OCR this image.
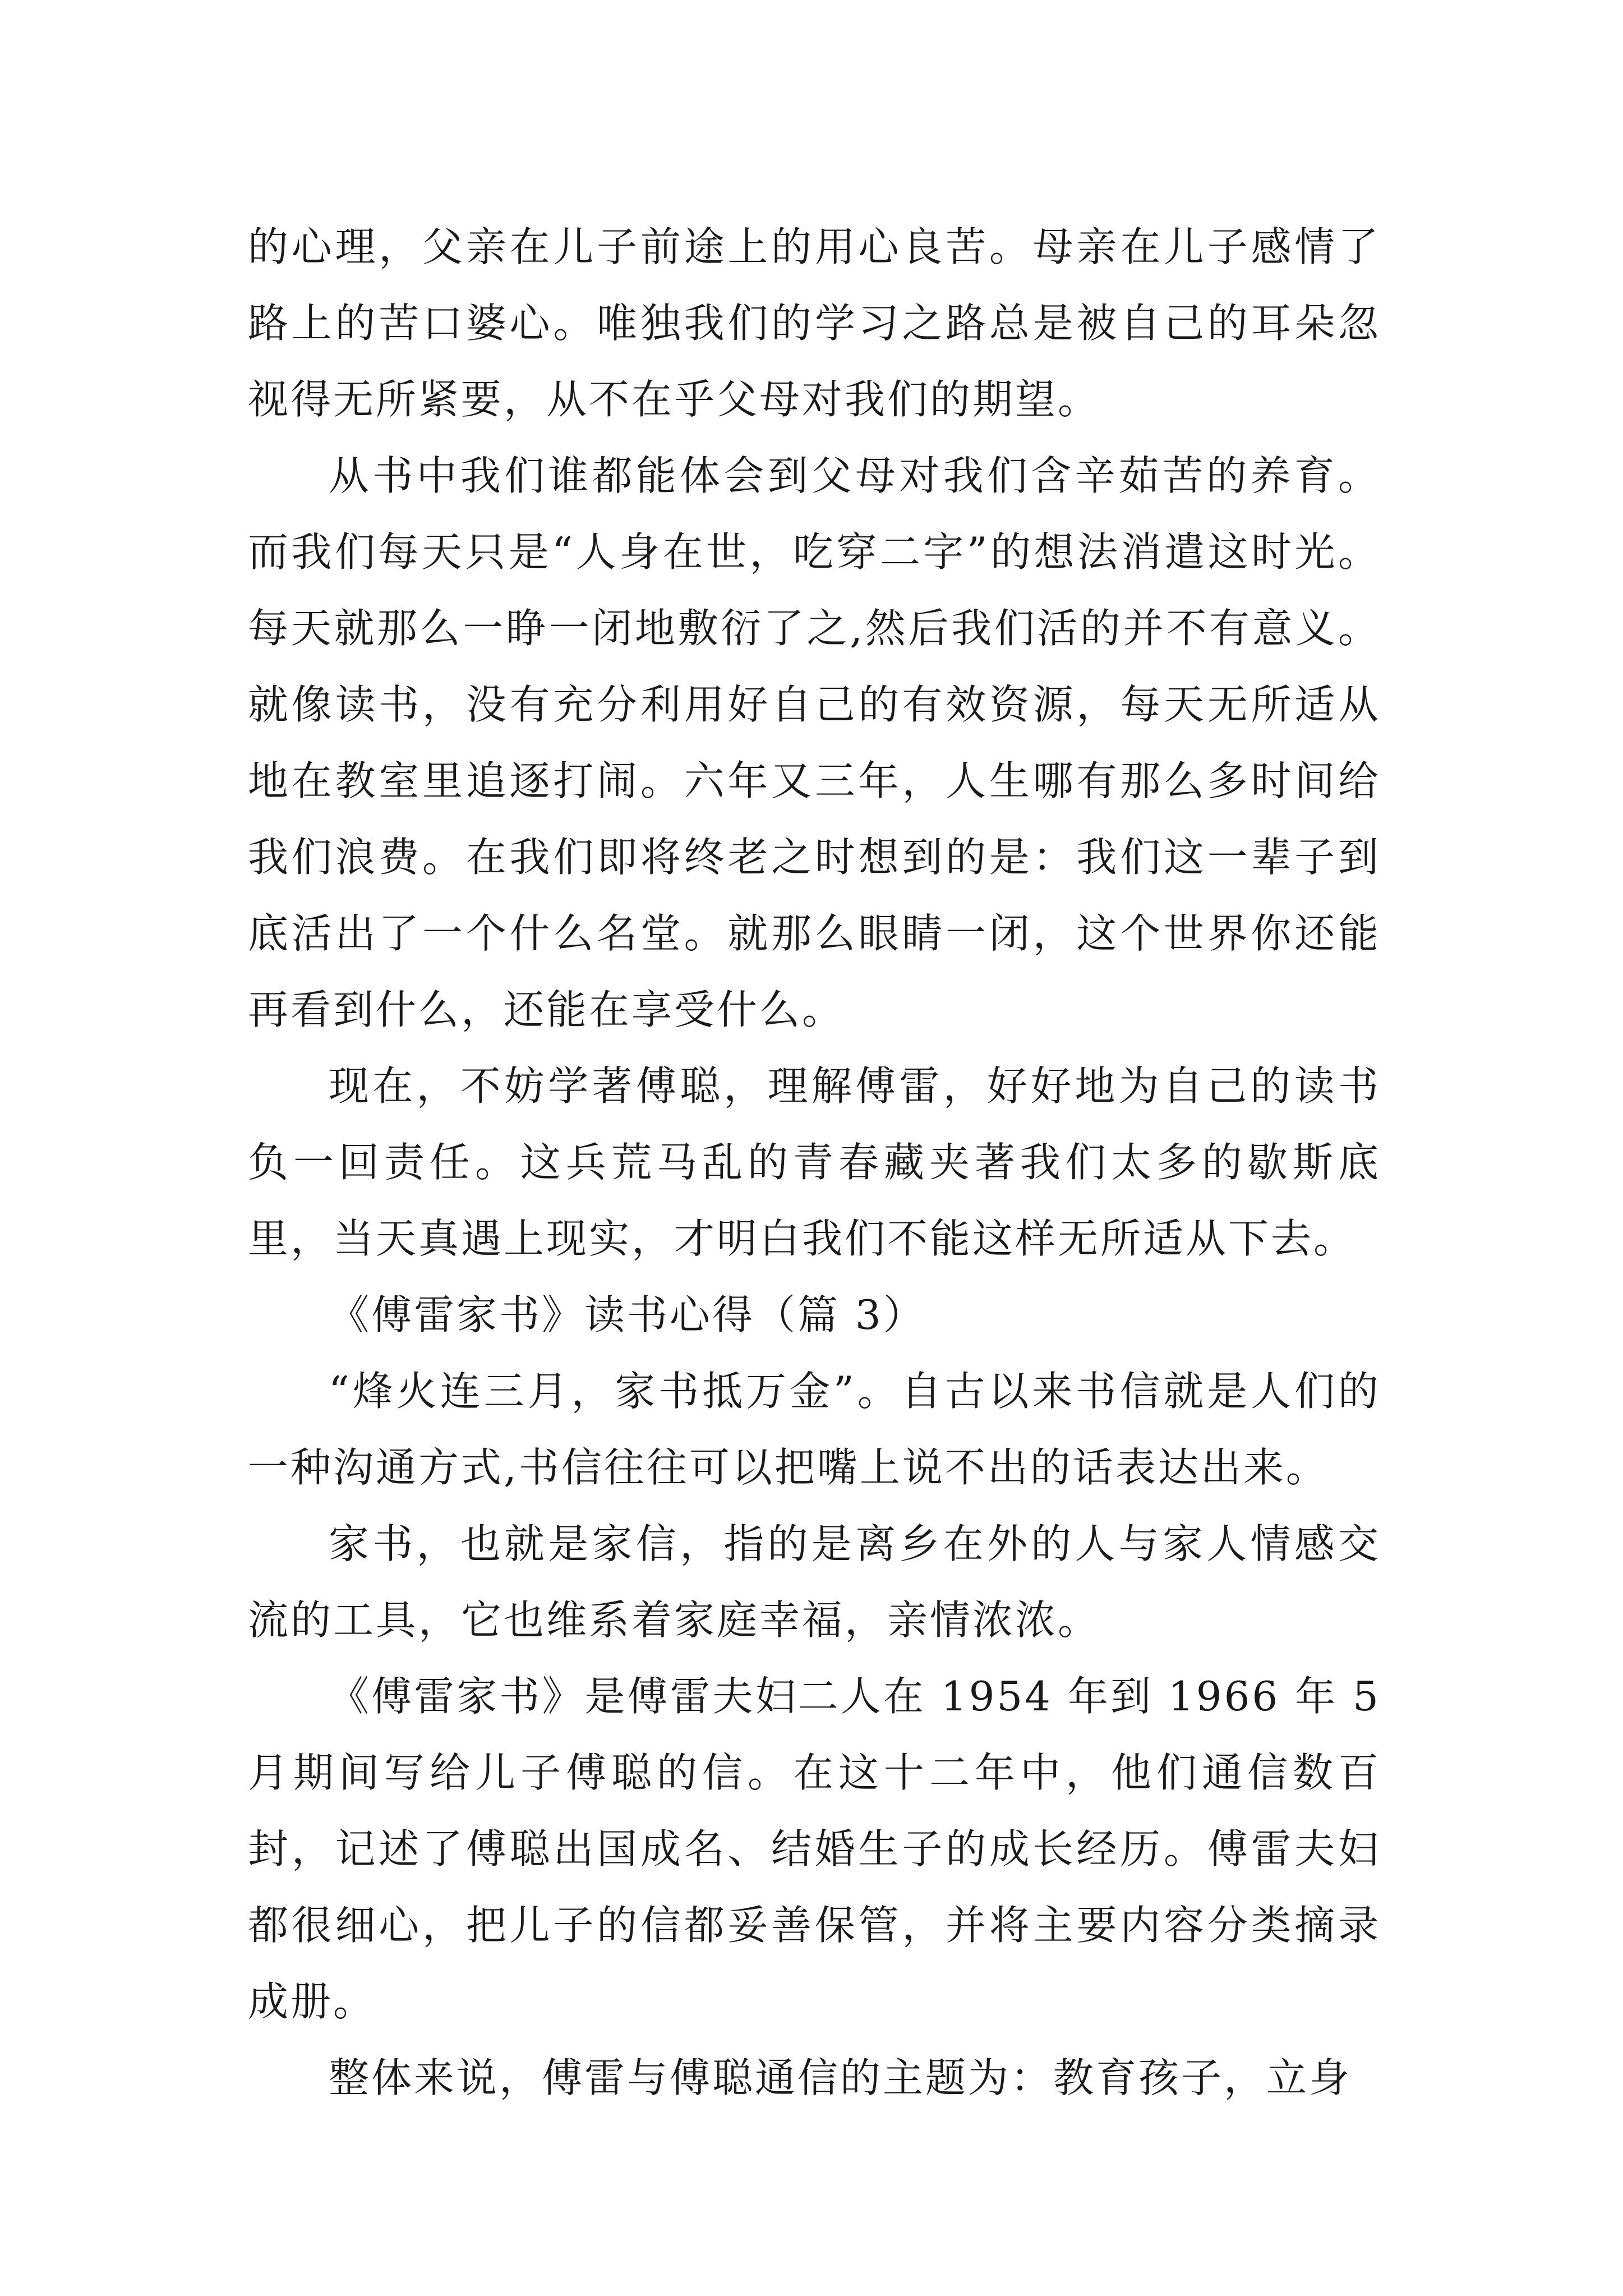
的心理，父亲在儿子前途上的用心良苦。母亲在儿子感情了路上的苦口婆心。唯独我们的学习之路总是被自己的耳朵忽视得无所紧要，从不在乎父母对我们的期望。

从书中我们谁都能体会到父母对我们含辛茹苦的养育。而我们每天只是“人身在世，吃穿二字”的想法消遣这时光。每天就那么一睁一闭地敷衍了之,然后我们活的并不有意义。就像读书，没有充分利用好自己的有效资源，每天无所适从地在教室里追逐打闹。六年又三年，人生哪有那么多时间给我们浪费。在我们即将终老之时想到的是：我们这一辈子到底活出了一个什么名堂。就那么眼睛一闭，这个世界你还能再看到什么，还能在享受什么。

现在，不妨学著傅聪，理解傅雷，好好地为自己的读书负一回责任。这兵荒马乱的青春藏夹著我们太多的歇斯底里，当天真遇上现实，才明白我们不能这样无所适从下去。

《傅雷家书》读书心得（篇 3）

“烽火连三月，家书抵万金”。自古以来书信就是人们的一种沟通方式,书信往往可以把嘴上说不出的话表达出来。

家书，也就是家信，指的是离乡在外的人与家人情感交流的工具，它也维系着家庭幸福，亲情浓浓。

《傅雷家书》是傅雷夫妇二人在 1954 年到 1966 年 5 月期间写给儿子傅聪的信。在这十二年中，他们通信数百封，记述了傅聪出国成名、结婚生子的成长经历。傅雷夫妇都很细心，把儿子的信都妥善保管，并将主要内容分类摘录成册。

整体来说，傅雷与傅聪通信的主题为：教育孩子，立身
